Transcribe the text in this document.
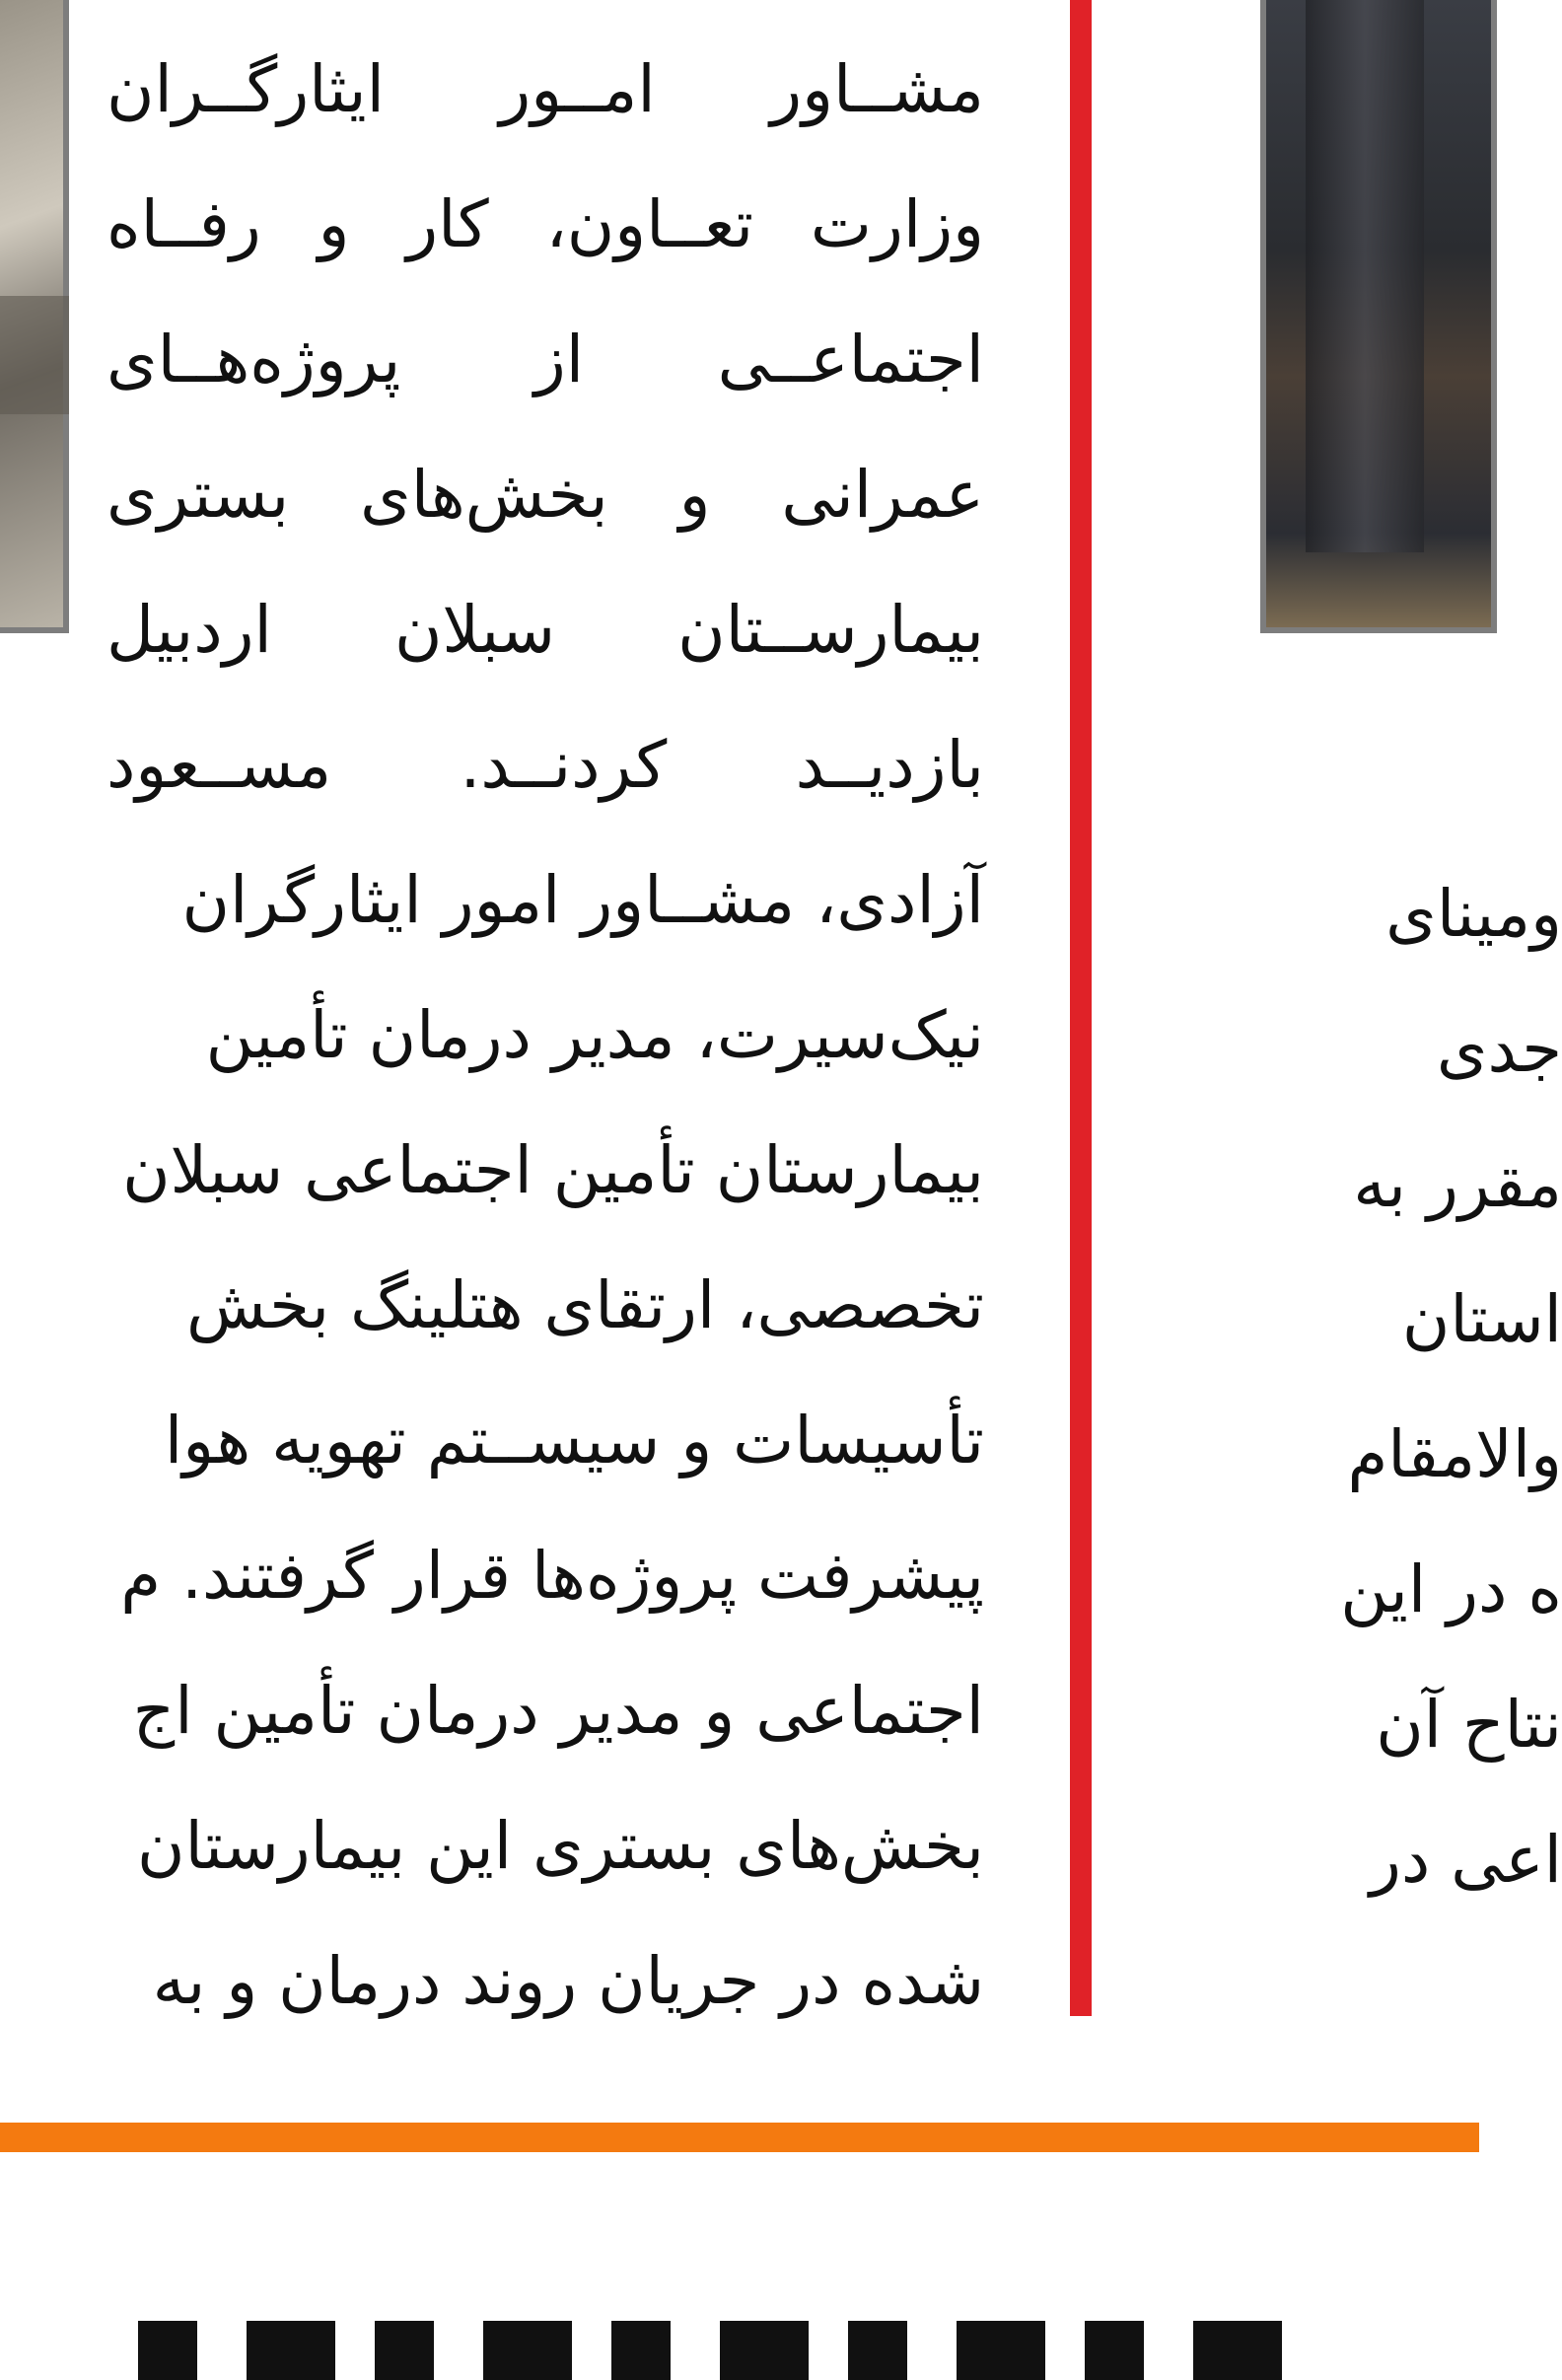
مشــاور امــور ایثارگــران
وزارت تعــاون، کار و رفــاه
اجتماعــی از پروژه‌هــای
عمرانی و بخش‌های بستری
بیمارســتان سبلان اردبیل
بازدیــد کردنــد. مســعود
آزادی، مشــاور امور ایثارگران
نیک‌سیرت، مدیر درمان تأمین
بیمارستان تأمین اجتماعی سبلان
تخصصی، ارتقای هتلینگ بخش
تأسیسات و سیســتم تهویه هوا
پیشرفت پروژه‌ها قرار گرفتند. م
اجتماعی و مدیر درمان تأمین اج
بخش‌های بستری این بیمارستان
شده در جریان روند درمان و به
ومینای
جدی
مقرر به
استان
والامقام
ه در این
نتاح آن
اعی در
